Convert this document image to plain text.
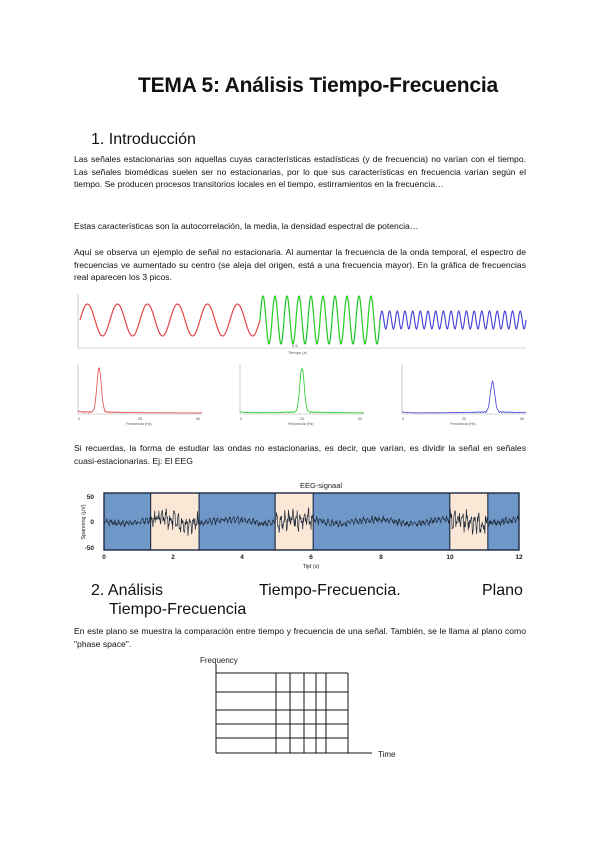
TEMA 5: Análisis Tiempo-Frecuencia
1. Introducción

Las señales estacionarias son aquellas cuyas características estadísticas (y de frecuencia) no varían con el tiempo. Las señales biomédicas suelen ser no estacionarias, por lo que sus características en frecuencia varían según el tiempo. Se producen procesos transitorios locales en el tiempo, estirramientos en la frecuencia…

Estas características son la autocorrelación, la media, la densidad espectral de potencia…

Aquí se observa un ejemplo de señal no estacionaria. Al aumentar la frecuencia de la onda temporal, el espectro de frecuencias ve aumentado su centro (se aleja del origen, está a una frecuencia mayor). En la gráfica de frecuencias real aparecen los 3 picos.

0.5
Tiempo (s)
0	25	50
Frecuencia (Hz)
0	25	50
Frecuencia (Hz)
0	25	50
Frecuencia (Hz)

Si recuerdas, la forma de estudiar las ondas no estacionarias, es decir, que varían, es dividir la señal en señales cuasi-estacionarias. Ej: El EEG

EEG-signaal
50
0
-50
Spanning (µV)
0	2	4	6	8	10	12
Tijd (s)
2. Análisis	Tiempo-Frecuencia.	Plano
Tiempo-Frecuencia

En este plano se muestra la comparación entre tiempo y frecuencia de una señal. También, se le llama al plano como "phase space".

Frequency
Time
